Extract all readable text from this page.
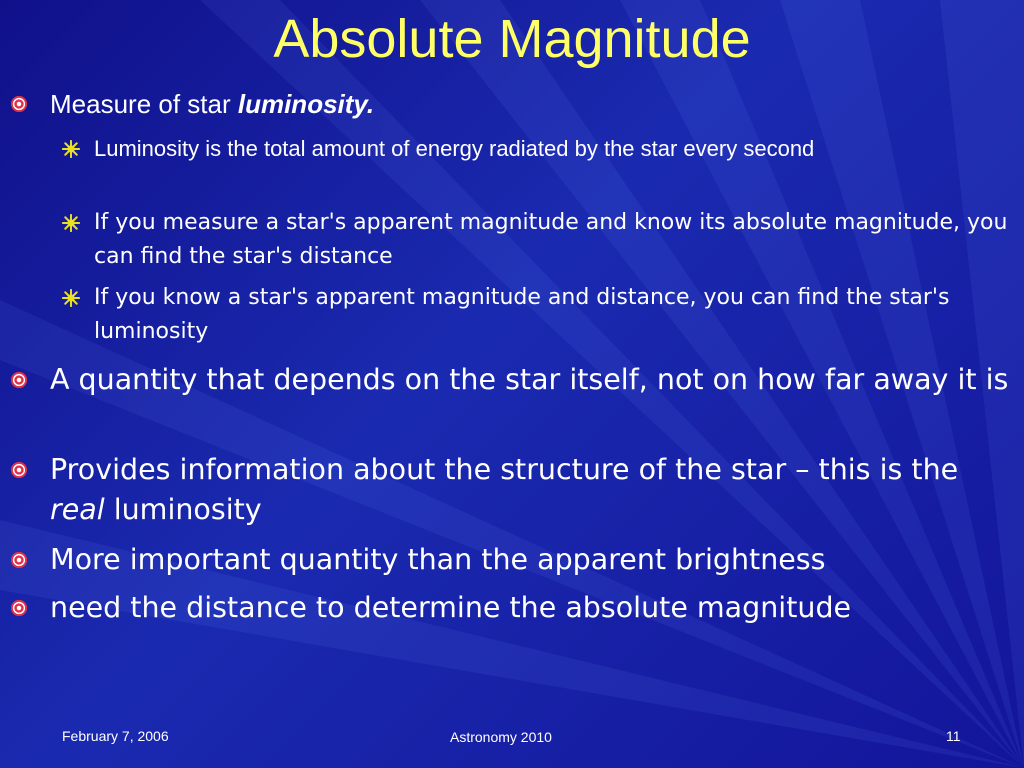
Absolute Magnitude
Measure of star luminosity.
Luminosity is the total amount of energy radiated by the star every second
If you measure a star's apparent magnitude and know its absolute magnitude, you can find the star's distance
If you know a star's apparent magnitude and distance, you can find the star's luminosity
A quantity that depends on the star itself, not on how far away it is
Provides information about the structure of the star – this is the real luminosity
More important quantity than the apparent brightness
need the distance to determine the absolute magnitude
February 7, 2006	Astronomy 2010	11
